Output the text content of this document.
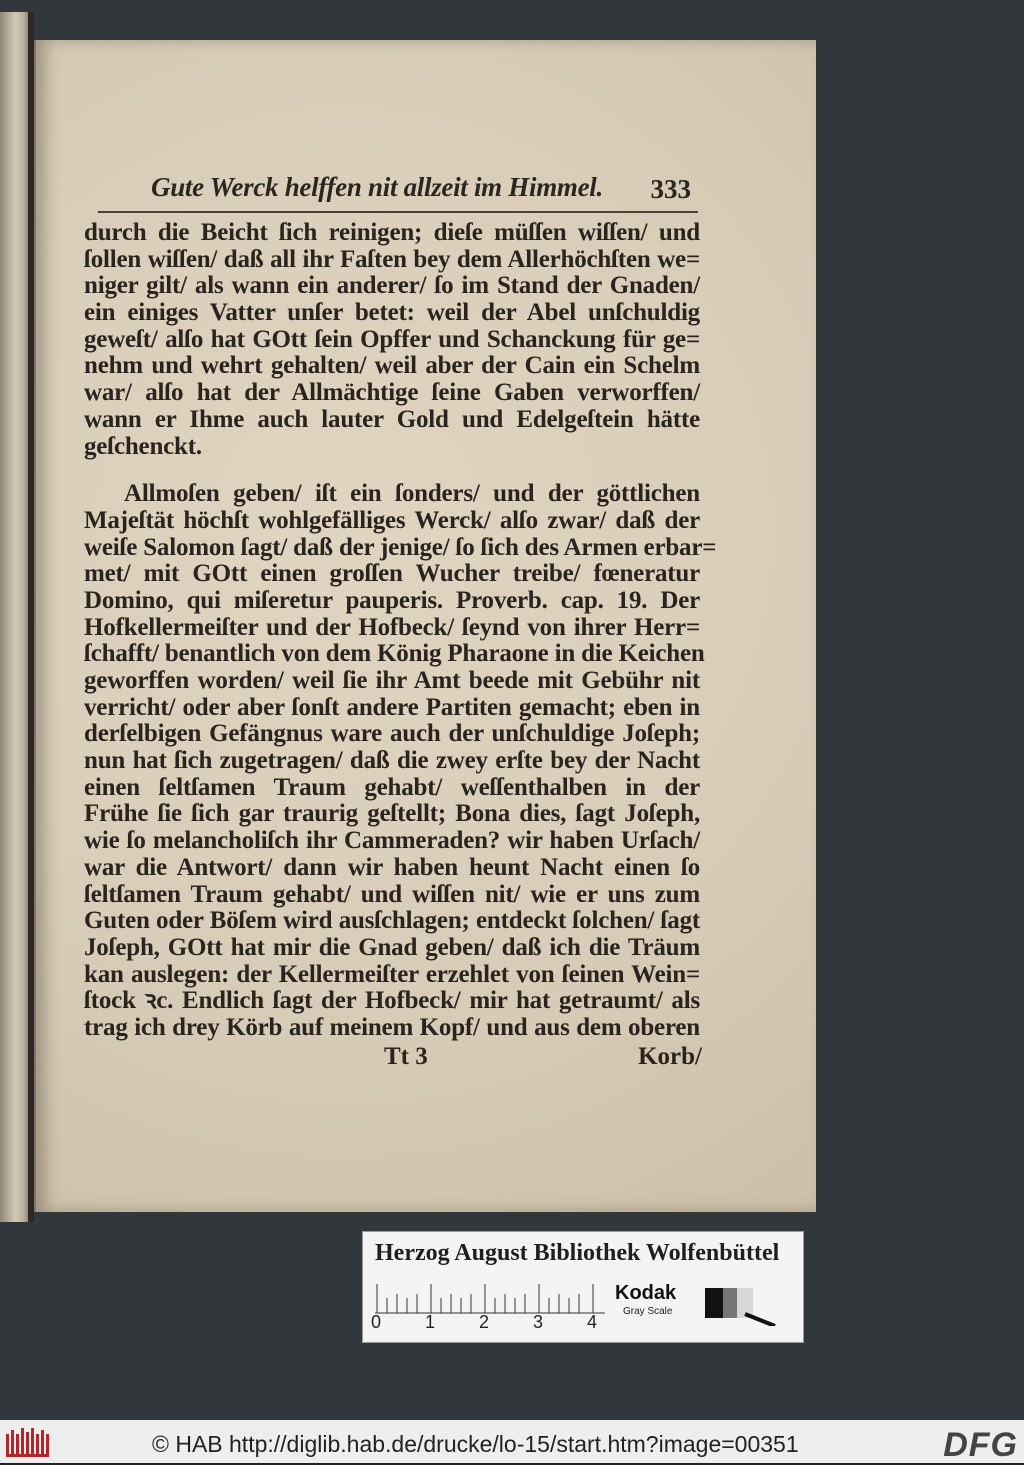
Gute Werck helffen nit allzeit im Himmel.	333
durch die Beicht ſich reinigen; dieſe müſſen wiſſen/ und
ſollen wiſſen/ daß all ihr Faſten bey dem Allerhöchſten we=
niger gilt/ als wann ein anderer/ ſo im Stand der Gnaden/
ein einiges Vatter unſer betet: weil der Abel unſchuldig
geweſt/ alſo hat GOtt ſein Opffer und Schanckung für ge=
nehm und wehrt gehalten/ weil aber der Cain ein Schelm
war/ alſo hat der Allmächtige ſeine Gaben verworffen/
wann er Ihme auch lauter Gold und Edelgeſtein hätte
geſchenckt.
Allmoſen geben/ iſt ein ſonders/ und der göttlichen
Majeſtät höchſt wohlgefälliges Werck/ alſo zwar/ daß der
weiſe Salomon ſagt/ daß der jenige/ ſo ſich des Armen erbar=
met/ mit GOtt einen groſſen Wucher treibe/ fœneratur
Domino, qui miſeretur pauperis. Proverb. cap. 19. Der
Hofkellermeiſter und der Hofbeck/ ſeynd von ihrer Herr=
ſchafft/ benantlich von dem König Pharaone in die Keichen
geworffen worden/ weil ſie ihr Amt beede mit Gebühr nit
verricht/ oder aber ſonſt andere Partiten gemacht; eben in
derſelbigen Gefängnus ware auch der unſchuldige Joſeph;
nun hat ſich zugetragen/ daß die zwey erſte bey der Nacht
einen ſeltſamen Traum gehabt/ weſſenthalben in der
Frühe ſie ſich gar traurig geſtellt; Bona dies, ſagt Joſeph,
wie ſo melancholiſch ihr Cammeraden? wir haben Urſach/
war die Antwort/ dann wir haben heunt Nacht einen ſo
ſeltſamen Traum gehabt/ und wiſſen nit/ wie er uns zum
Guten oder Böſem wird ausſchlagen; entdeckt ſolchen/ ſagt
Joſeph, GOtt hat mir die Gnad geben/ daß ich die Träum
kan auslegen: der Kellermeiſter erzehlet von ſeinen Wein=
ſtock ꝛc. Endlich ſagt der Hofbeck/ mir hat getraumt/ als
trag ich drey Körb auf meinem Kopf/ und aus dem oberen
Tt 3	Korb/
Herzog August Bibliothek Wolfenbüttel
0 1 2 3 4
Kodak
Gray Scale
© HAB http://diglib.hab.de/drucke/lo-15/start.htm?image=00351	DFG
